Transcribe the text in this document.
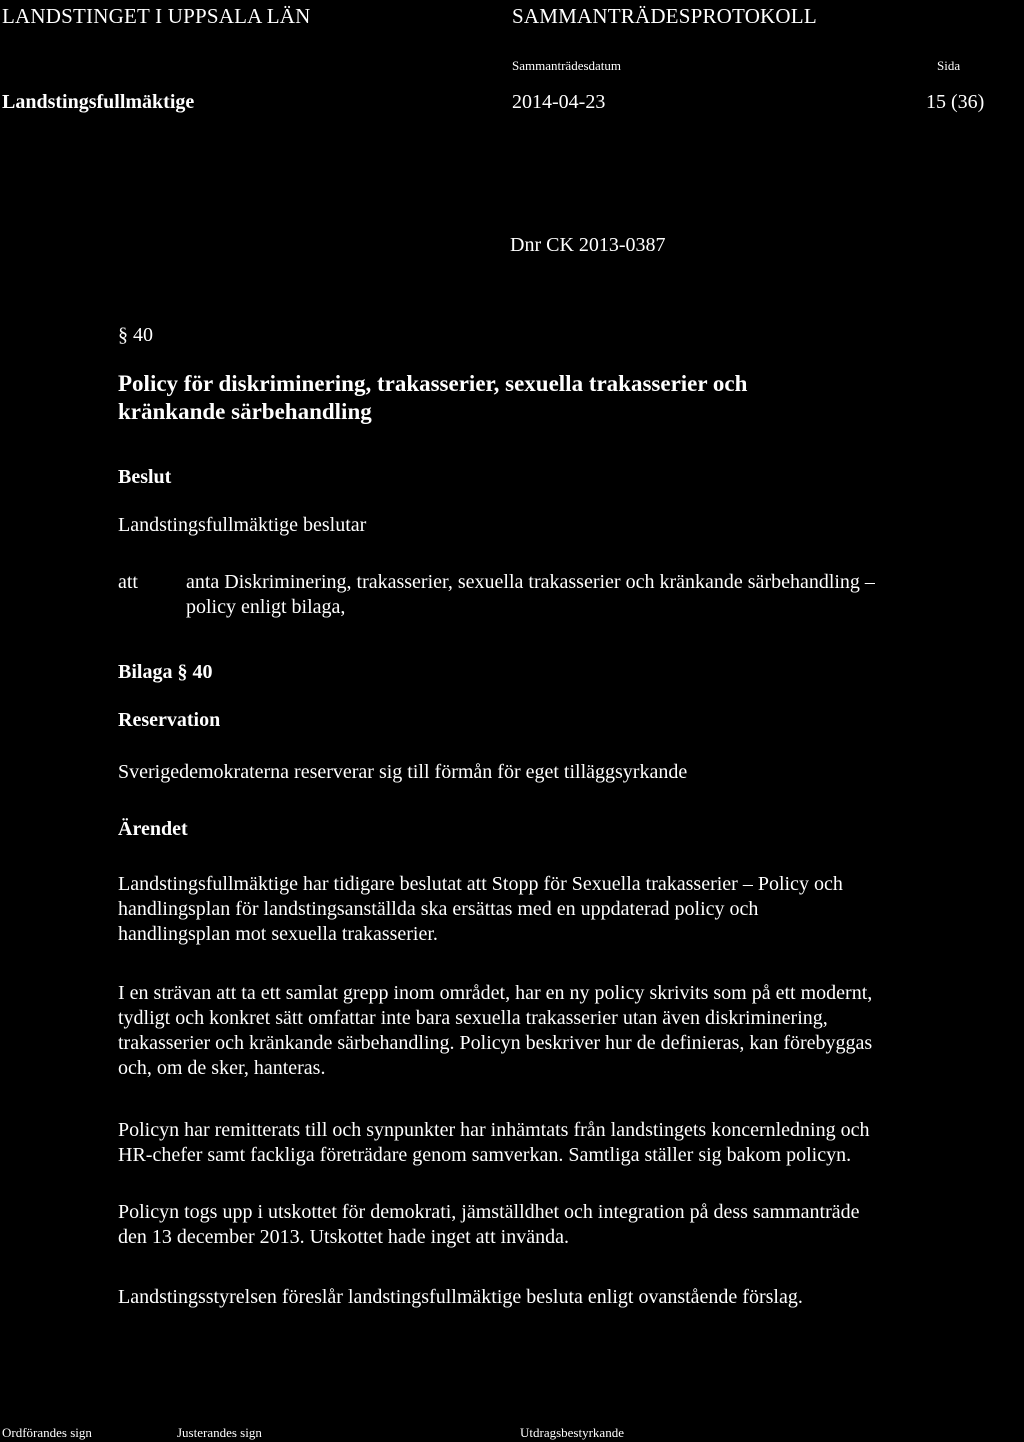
LANDSTINGET I UPPSALA LÄN	SAMMANTRÄDESPROTOKOLL
Sammanträdesdatum	Sida
Landstingsfullmäktige	2014-04-23	15 (36)
Dnr CK 2013-0387
§ 40
Policy för diskriminering, trakasserier, sexuella trakasserier och
kränkande särbehandling
Beslut
Landstingsfullmäktige beslutar
att anta Diskriminering, trakasserier, sexuella trakasserier och kränkande särbehandling –
policy enligt bilaga,
Bilaga § 40
Reservation
Sverigedemokraterna reserverar sig till förmån för eget tilläggsyrkande
Ärendet
Landstingsfullmäktige har tidigare beslutat att Stopp för Sexuella trakasserier – Policy och
handlingsplan för landstingsanställda ska ersättas med en uppdaterad policy och
handlingsplan mot sexuella trakasserier.
I en strävan att ta ett samlat grepp inom området, har en ny policy skrivits som på ett modernt,
tydligt och konkret sätt omfattar inte bara sexuella trakasserier utan även diskriminering,
trakasserier och kränkande särbehandling. Policyn beskriver hur de definieras, kan förebyggas
och, om de sker, hanteras.
Policyn har remitterats till och synpunkter har inhämtats från landstingets koncernledning och
HR-chefer samt fackliga företrädare genom samverkan. Samtliga ställer sig bakom policyn.
Policyn togs upp i utskottet för demokrati, jämställdhet och integration på dess sammanträde
den 13 december 2013. Utskottet hade inget att invända.
Landstingsstyrelsen föreslår landstingsfullmäktige besluta enligt ovanstående förslag.
Ordförandes sign	Justerandes sign	Utdragsbestyrkande
